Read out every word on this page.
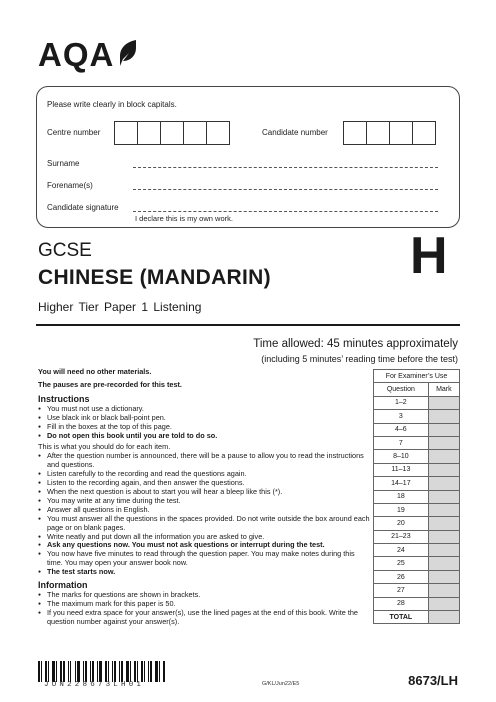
AQA
Please write clearly in block capitals.
Centre number	Candidate number
Surname
Forename(s)
Candidate signature
I declare this is my own work.
GCSE
CHINESE (MANDARIN)
Higher Tier Paper 1 Listening
H
Time allowed: 45 minutes approximately
(including 5 minutes’ reading time before the test)

You will need no other materials.

The pauses are pre-recorded for this test.

Instructions
● You must not use a dictionary.
● Use black ink or black ball-point pen.
● Fill in the boxes at the top of this page.
● Do not open this book until you are told to do so.

This is what you should do for each item.

● After the question number is announced, there will be a pause to allow you to read the instructions and questions.
● Listen carefully to the recording and read the questions again.
● Listen to the recording again, and then answer the questions.
● When the next question is about to start you will hear a bleep like this (*).
● You may write at any time during the test.
● Answer all questions in English.
● You must answer all the questions in the spaces provided. Do not write outside the box around each page or on blank pages.
● Write neatly and put down all the information you are asked to give.
● Ask any questions now. You must not ask questions or interrupt during the test.
● You now have five minutes to read through the question paper. You may make notes during this time. You may open your answer book now.
● The test starts now.
Information
● The marks for questions are shown in brackets.
● The maximum mark for this paper is 50.
● If you need extra space for your answer(s), use the lined pages at the end of this book. Write the question number against your answer(s).
For Examiner’s Use	
Question	Mark
1–2	
3	
4–6	
7	
8–10	
11–13	
14–17	
18	
19	
20	
21–23	
24	
25	
26	
27	
28	
TOTAL	
JUN228673LH01	G/KL/Jun22/E5	8673/LH
